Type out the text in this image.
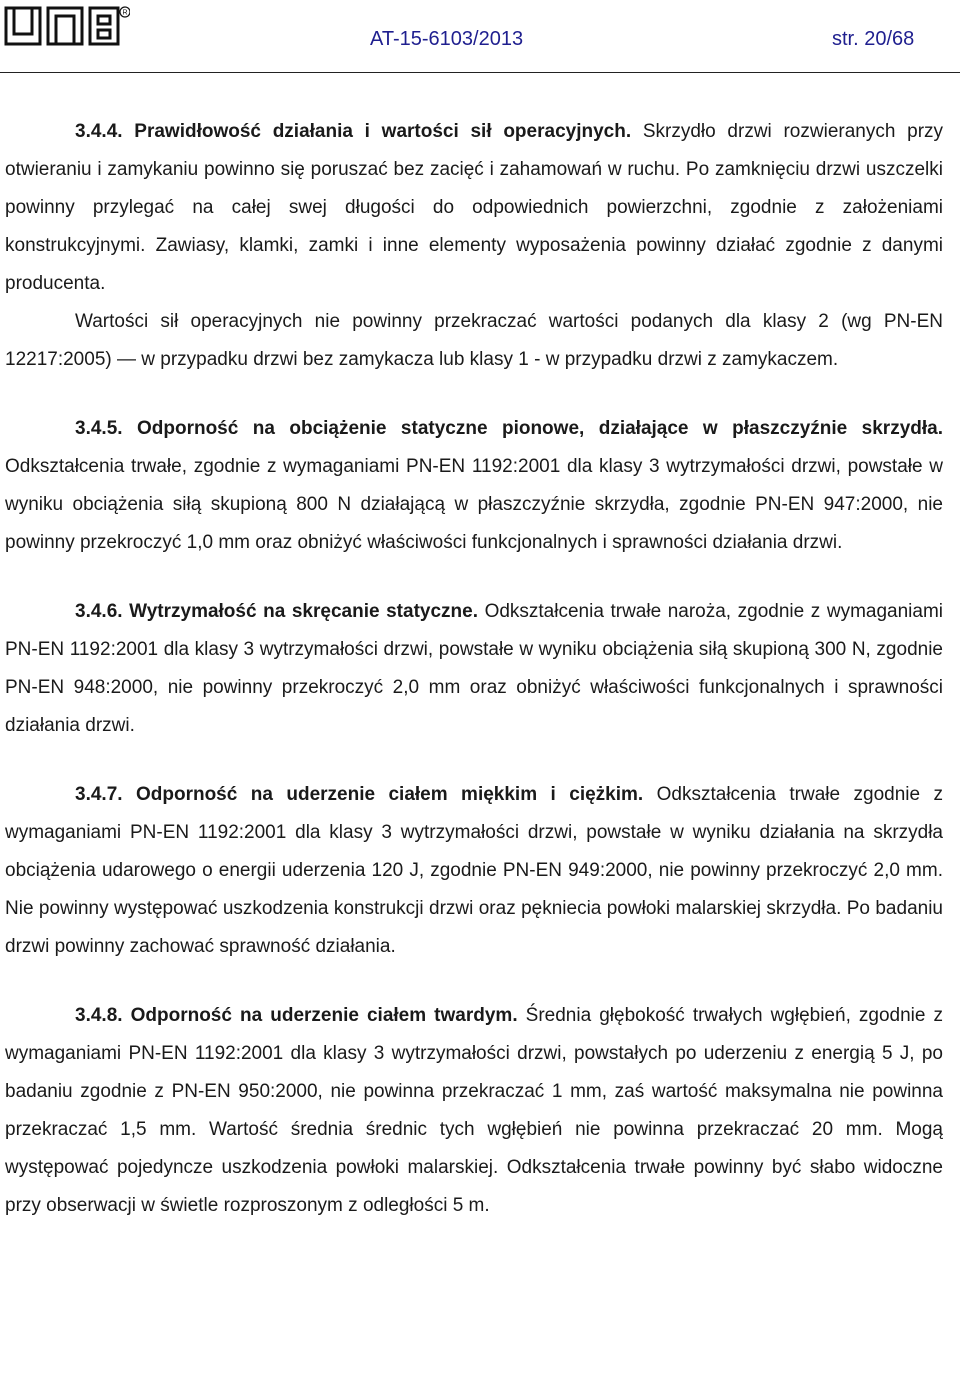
R
AT-15-6103/2013	str. 20/68

3.4.4. Prawidłowość działania i wartości sił operacyjnych. Skrzydło drzwi rozwieranych przy otwieraniu i zamykaniu powinno się poruszać bez zacięć i zahamowań w ruchu. Po zamknięciu drzwi uszczelki powinny przylegać na całej swej długości do odpowiednich powierzchni, zgodnie z założeniami konstrukcyjnymi. Zawiasy, klamki, zamki i inne elementy wyposażenia powinny działać zgodnie z danymi producenta.

Wartości sił operacyjnych nie powinny przekraczać wartości podanych dla klasy 2 (wg PN-EN 12217:2005) — w przypadku drzwi bez zamykacza lub klasy 1 - w przypadku drzwi z zamykaczem.

3.4.5. Odporność na obciążenie statyczne pionowe, działające w płaszczyźnie skrzydła. Odkształcenia trwałe, zgodnie z wymaganiami PN-EN 1192:2001 dla klasy 3 wytrzymałości drzwi, powstałe w wyniku obciążenia siłą skupioną 800 N działającą w płaszczyźnie skrzydła, zgodnie PN-EN 947:2000, nie powinny przekroczyć 1,0 mm oraz obniżyć właściwości funkcjonalnych i sprawności działania drzwi.

3.4.6. Wytrzymałość na skręcanie statyczne. Odkształcenia trwałe naroża, zgodnie z wymaganiami PN-EN 1192:2001 dla klasy 3 wytrzymałości drzwi, powstałe w wyniku obciążenia siłą skupioną 300 N, zgodnie PN-EN 948:2000, nie powinny przekroczyć 2,0 mm oraz obniżyć właściwości funkcjonalnych i sprawności działania drzwi.

3.4.7. Odporność na uderzenie ciałem miękkim i ciężkim. Odkształcenia trwałe zgodnie z wymaganiami PN-EN 1192:2001 dla klasy 3 wytrzymałości drzwi, powstałe w wyniku działania na skrzydła obciążenia udarowego o energii uderzenia 120 J, zgodnie PN-EN 949:2000, nie powinny przekroczyć 2,0 mm. Nie powinny występować uszkodzenia konstrukcji drzwi oraz pękniecia powłoki malarskiej skrzydła. Po badaniu drzwi powinny zachować sprawność działania.

3.4.8. Odporność na uderzenie ciałem twardym. Średnia głębokość trwałych wgłębień, zgodnie z wymaganiami PN-EN 1192:2001 dla klasy 3 wytrzymałości drzwi, powstałych po uderzeniu z energią 5 J, po badaniu zgodnie z PN-EN 950:2000, nie powinna przekraczać 1 mm, zaś wartość maksymalna nie powinna przekraczać 1,5 mm. Wartość średnia średnic tych wgłębień nie powinna przekraczać 20 mm. Mogą występować pojedyncze uszkodzenia powłoki malarskiej. Odkształcenia trwałe powinny być słabo widoczne przy obserwacji w świetle rozproszonym z odległości 5 m.
